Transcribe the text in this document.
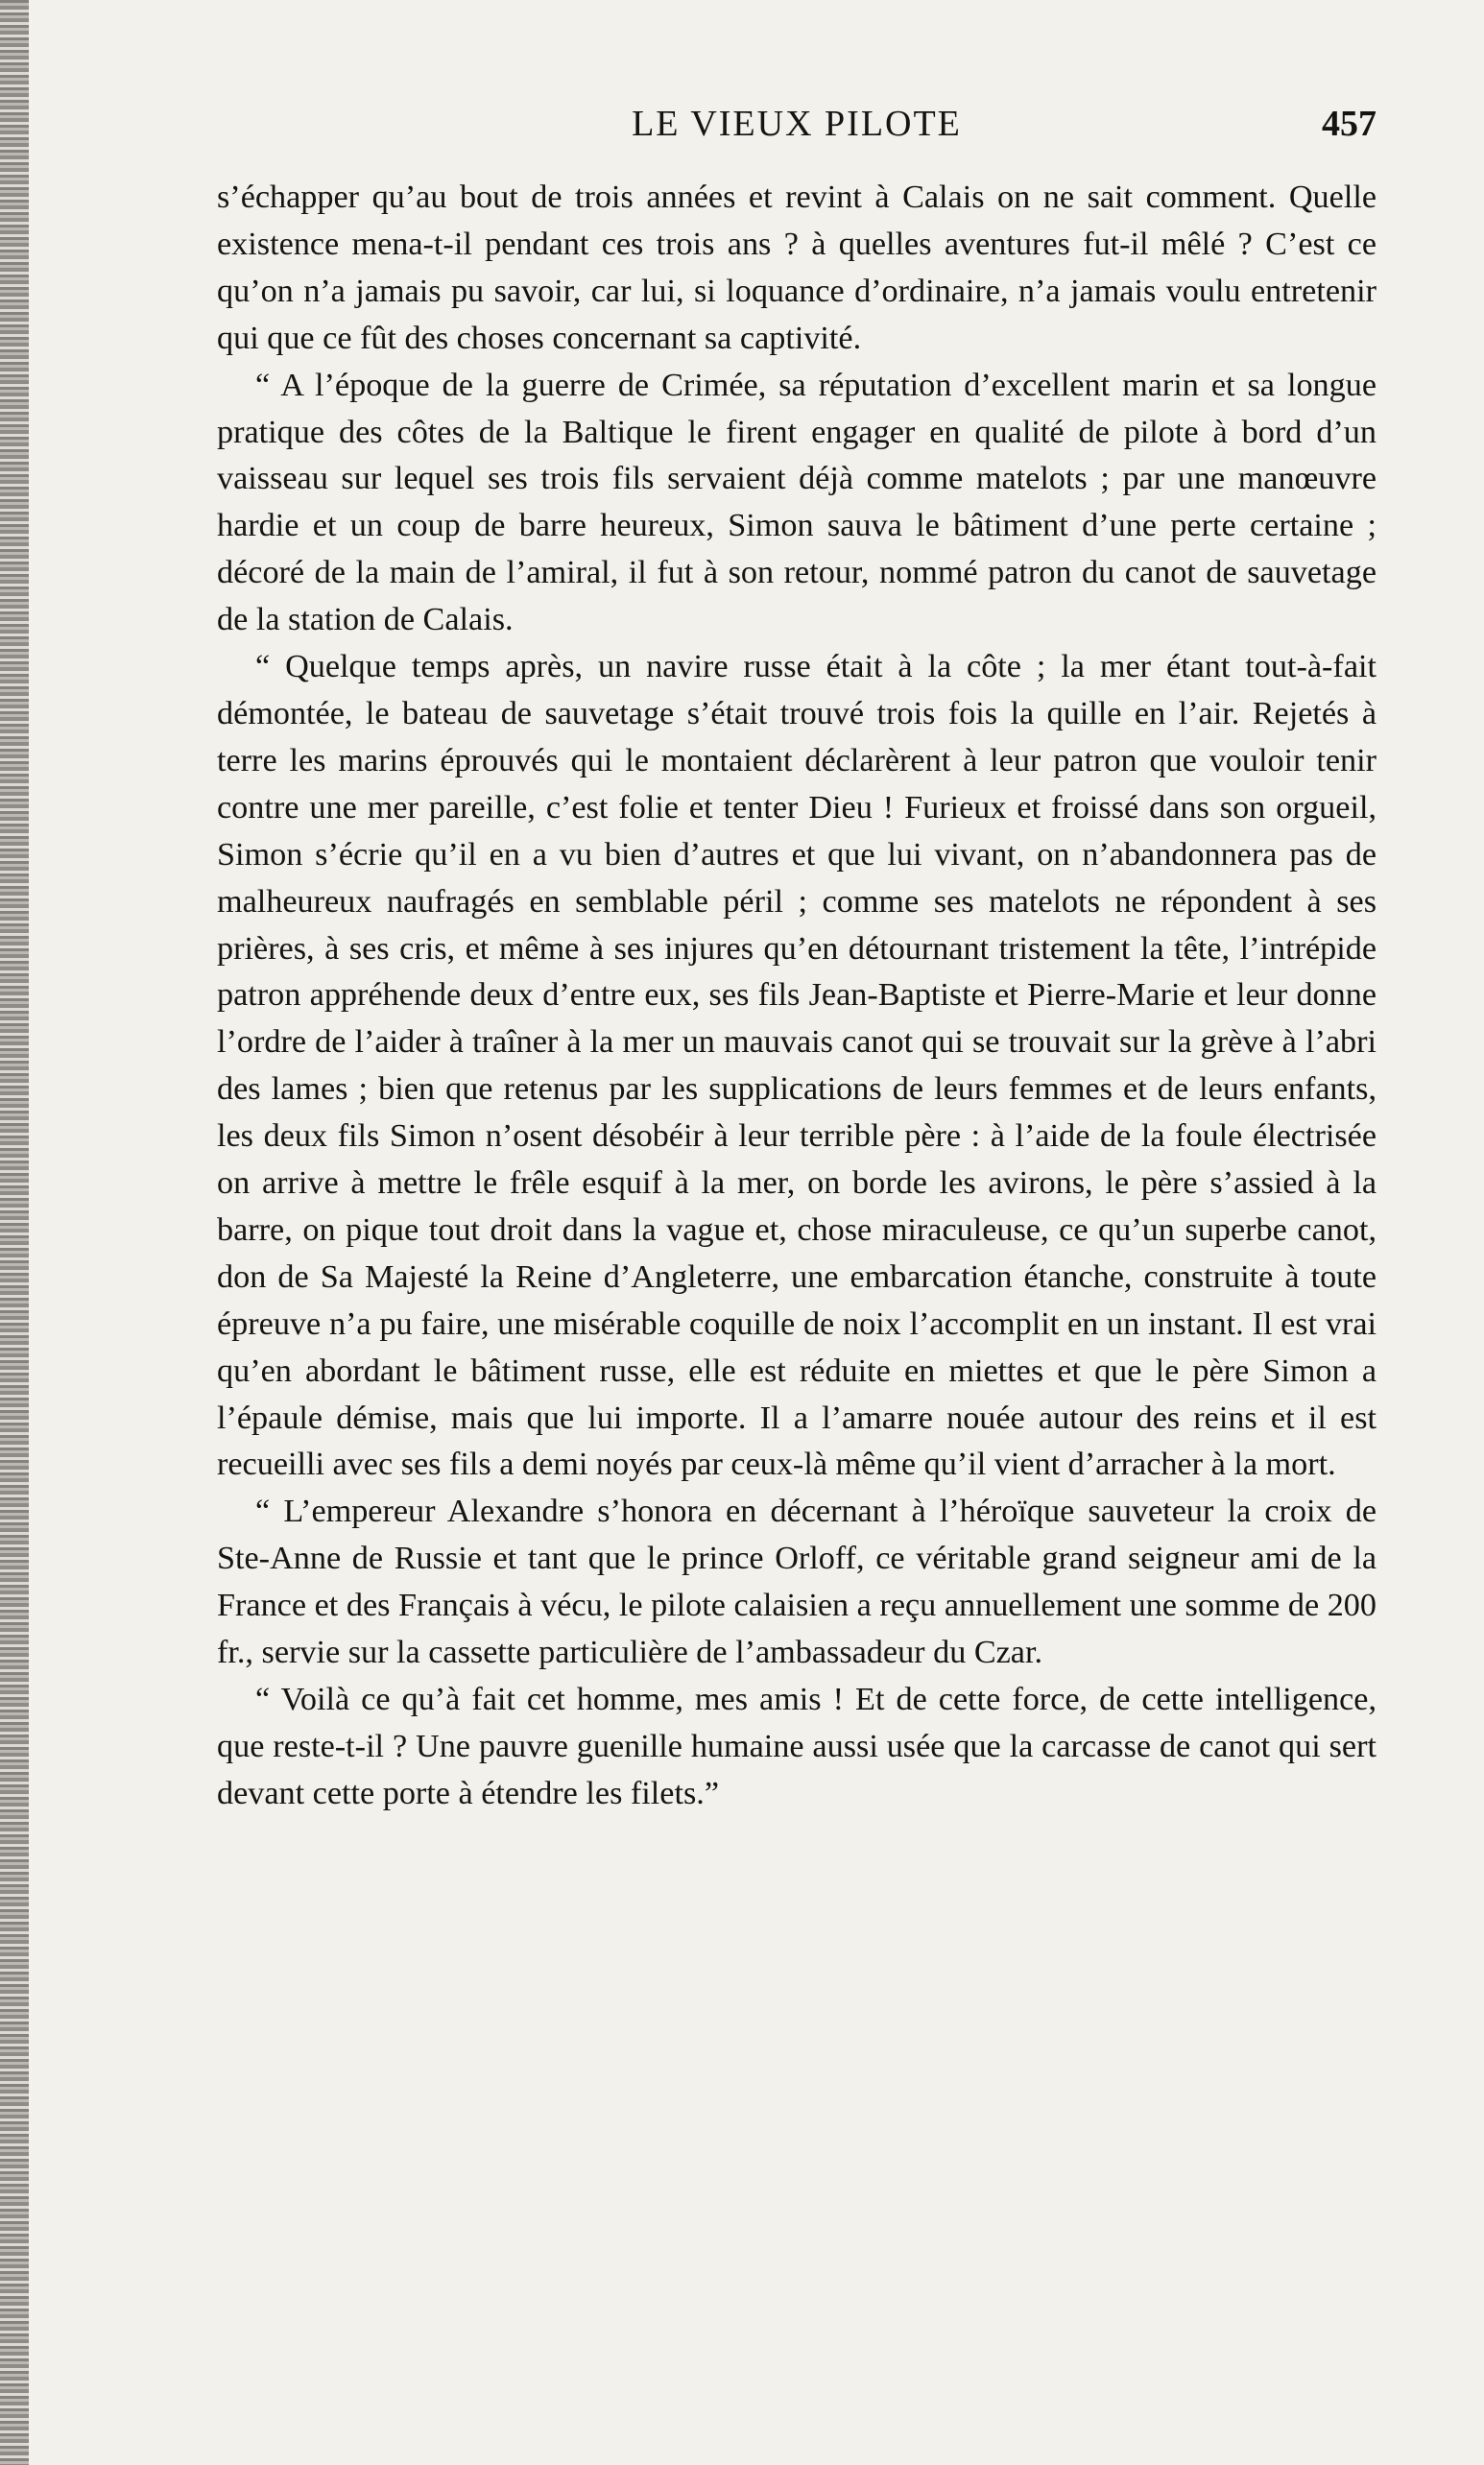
LE VIEUX PILOTE	457

s’échapper qu’au bout de trois années et revint à Calais on ne sait comment. Quelle existence mena-t-il pendant ces trois ans ? à quelles aventures fut-il mêlé ? C’est ce qu’on n’a jamais pu savoir, car lui, si loquance d’ordinaire, n’a jamais voulu entretenir qui que ce fût des choses concernant sa captivité.

“ A l’époque de la guerre de Crimée, sa réputation d’excellent marin et sa longue pratique des côtes de la Baltique le firent engager en qualité de pilote à bord d’un vaisseau sur lequel ses trois fils servaient déjà comme matelots ; par une manœuvre hardie et un coup de barre heureux, Simon sauva le bâtiment d’une perte certaine ; décoré de la main de l’amiral, il fut à son retour, nommé patron du canot de sauvetage de la station de Calais.

“ Quelque temps après, un navire russe était à la côte ; la mer étant tout-à-fait démontée, le bateau de sauvetage s’était trouvé trois fois la quille en l’air. Rejetés à terre les marins éprouvés qui le montaient déclarèrent à leur patron que vouloir tenir contre une mer pareille, c’est folie et tenter Dieu ! Furieux et froissé dans son orgueil, Simon s’écrie qu’il en a vu bien d’autres et que lui vivant, on n’abandonnera pas de malheureux naufragés en semblable péril ; comme ses matelots ne répondent à ses prières, à ses cris, et même à ses injures qu’en détournant tristement la tête, l’intrépide patron appréhende deux d’entre eux, ses fils Jean-Baptiste et Pierre-Marie et leur donne l’ordre de l’aider à traîner à la mer un mauvais canot qui se trouvait sur la grève à l’abri des lames ; bien que retenus par les supplications de leurs femmes et de leurs enfants, les deux fils Simon n’osent désobéir à leur terrible père : à l’aide de la foule électrisée on arrive à mettre le frêle esquif à la mer, on borde les avirons, le père s’assied à la barre, on pique tout droit dans la vague et, chose miraculeuse, ce qu’un superbe canot, don de Sa Majesté la Reine d’Angleterre, une embarcation étanche, construite à toute épreuve n’a pu faire, une misérable coquille de noix l’accomplit en un instant. Il est vrai qu’en abordant le bâtiment russe, elle est réduite en miettes et que le père Simon a l’épaule démise, mais que lui importe. Il a l’amarre nouée autour des reins et il est recueilli avec ses fils a demi noyés par ceux-là même qu’il vient d’arracher à la mort.

“ L’empereur Alexandre s’honora en décernant à l’héroïque sauveteur la croix de Ste-Anne de Russie et tant que le prince Orloff, ce véritable grand seigneur ami de la France et des Français à vécu, le pilote calaisien a reçu annuellement une somme de 200 fr., servie sur la cassette particulière de l’ambassadeur du Czar.

“ Voilà ce qu’à fait cet homme, mes amis ! Et de cette force, de cette intelligence, que reste-t-il ? Une pauvre guenille humaine aussi usée que la carcasse de canot qui sert devant cette porte à étendre les filets.”
